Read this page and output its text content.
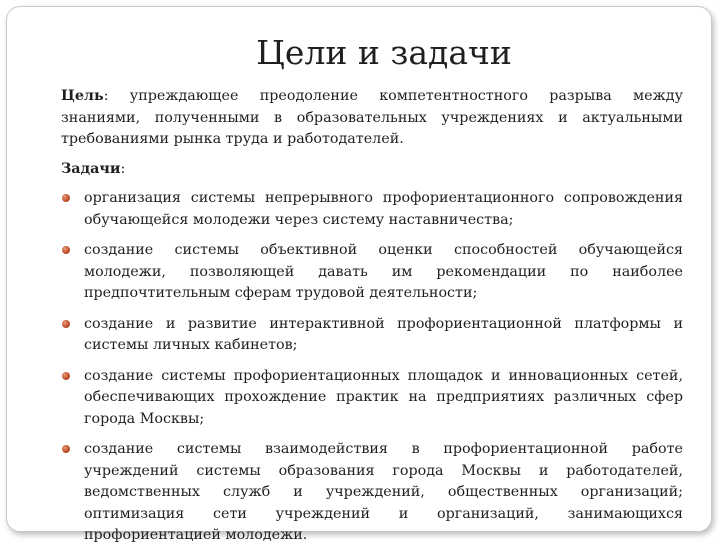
Цели и задачи

Цель: упреждающее преодоление компетентностного разрыва между знаниями, полученными в образовательных учреждениях и актуальными требованиями рынка труда и работодателей.

Задачи:

организация системы непрерывного профориентационного сопровождения обучающейся молодежи через систему наставничества;
создание системы объективной оценки способностей обучающейся молодежи, позволяющей давать им рекомендации по наиболее предпочтительным сферам трудовой деятельности;
создание и развитие интерактивной профориентационной платформы и системы личных кабинетов;
создание системы профориентационных площадок и инновационных сетей, обеспечивающих прохождение практик на предприятиях различных сфер города Москвы;
создание системы взаимодействия в профориентационной работе учреждений системы образования города Москвы и работодателей, ведомственных служб и учреждений, общественных организаций; оптимизация сети учреждений и организаций, занимающихся профориентацией молодежи.
